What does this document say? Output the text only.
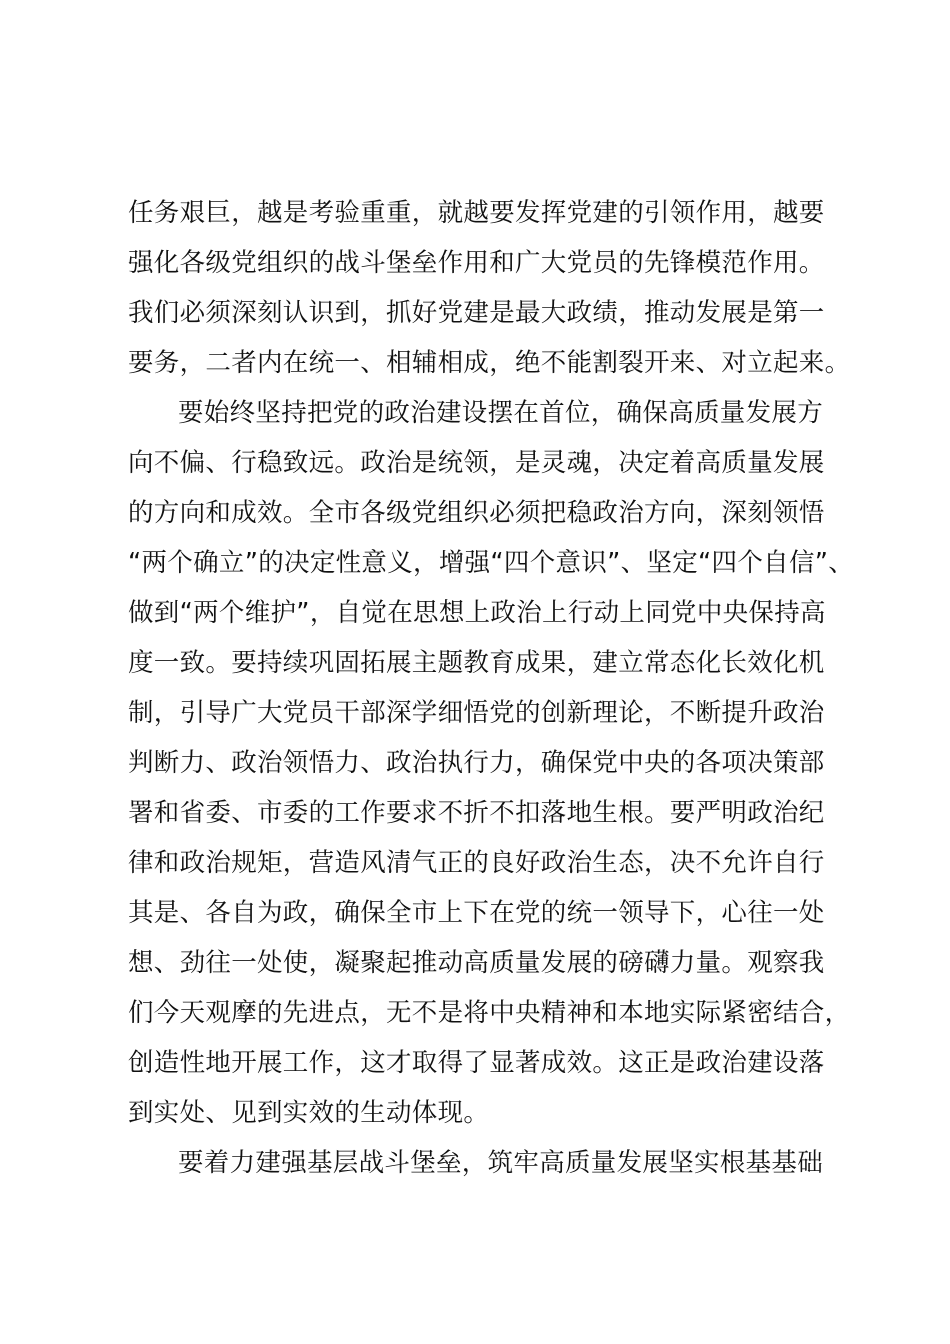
任务艰巨，越是考验重重，就越要发挥党建的引领作用，越要
强化各级党组织的战斗堡垒作用和广大党员的先锋模范作用。
我们必须深刻认识到，抓好党建是最大政绩，推动发展是第一
要务，二者内在统一、相辅相成，绝不能割裂开来、对立起来。
要始终坚持把党的政治建设摆在首位，确保高质量发展方
向不偏、行稳致远。政治是统领，是灵魂，决定着高质量发展
的方向和成效。全市各级党组织必须把稳政治方向，深刻领悟
“两个确立”的决定性意义，增强“四个意识”、坚定“四个自信”、
做到“两个维护”，自觉在思想上政治上行动上同党中央保持高
度一致。要持续巩固拓展主题教育成果，建立常态化长效化机
制，引导广大党员干部深学细悟党的创新理论，不断提升政治
判断力、政治领悟力、政治执行力，确保党中央的各项决策部
署和省委、市委的工作要求不折不扣落地生根。要严明政治纪
律和政治规矩，营造风清气正的良好政治生态，决不允许自行
其是、各自为政，确保全市上下在党的统一领导下，心往一处
想、劲往一处使，凝聚起推动高质量发展的磅礴力量。观察我
们今天观摩的先进点，无不是将中央精神和本地实际紧密结合，
创造性地开展工作，这才取得了显著成效。这正是政治建设落
到实处、见到实效的生动体现。
要着力建强基层战斗堡垒，筑牢高质量发展坚实根基基础
